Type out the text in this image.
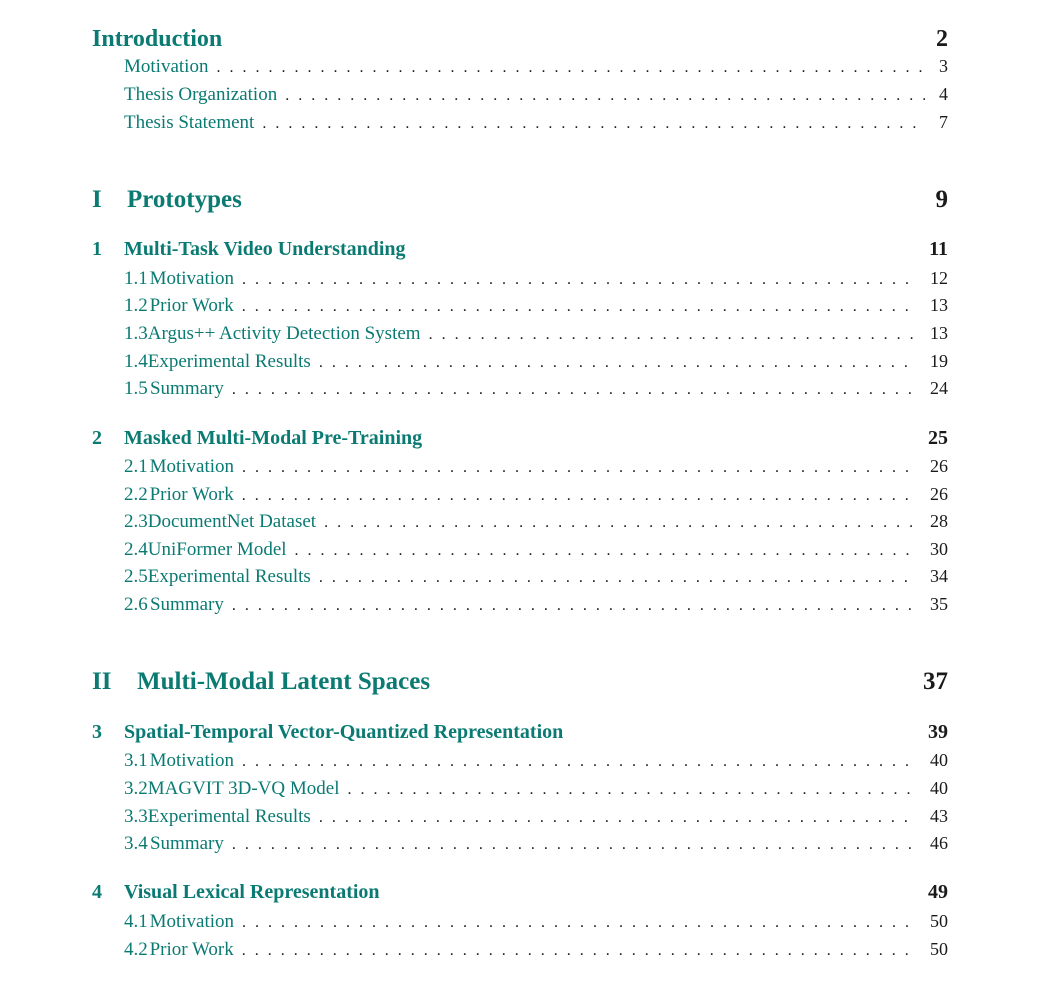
Introduction	2
Motivation . . .	3
Thesis Organization . . .	4
Thesis Statement . . .	7
I	Prototypes	9
1	Multi-Task Video Understanding	11
1.1 Motivation . . .	12
1.2 Prior Work . . .	13
1.3 Argus++ Activity Detection System . . .	13
1.4 Experimental Results . . .	19
1.5 Summary . . .	24
2	Masked Multi-Modal Pre-Training	25
2.1 Motivation . . .	26
2.2 Prior Work . . .	26
2.3 DocumentNet Dataset . . .	28
2.4 UniFormer Model . . .	30
2.5 Experimental Results . . .	34
2.6 Summary . . .	35
II	Multi-Modal Latent Spaces	37
3	Spatial-Temporal Vector-Quantized Representation	39
3.1 Motivation . . .	40
3.2 MAGVIT 3D-VQ Model . . .	40
3.3 Experimental Results . . .	43
3.4 Summary . . .	46
4	Visual Lexical Representation	49
4.1 Motivation . . .	50
4.2 Prior Work . . .	50
